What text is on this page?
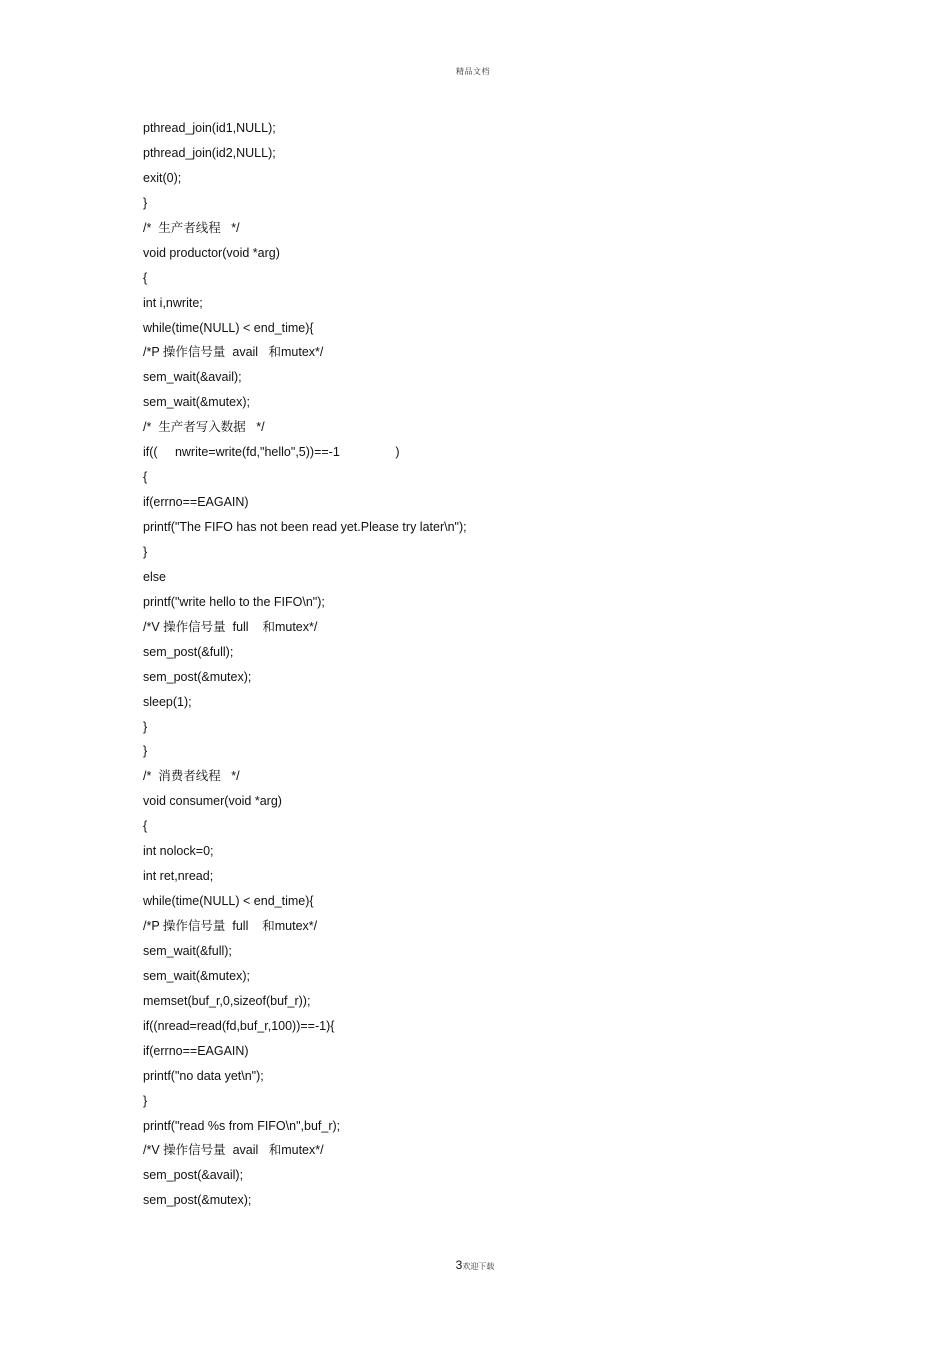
精品文档
pthread_join(id1,NULL);
pthread_join(id2,NULL);
exit(0);
}
/*  生产者线程   */
void productor(void *arg)
{
int i,nwrite;
while(time(NULL) < end_time){
/*P 操作信号量  avail   和mutex*/
sem_wait(&avail);
sem_wait(&mutex);
/*  生产者写入数据   */
if((     nwrite=write(fd,"hello",5))==-1                )
{
if(errno==EAGAIN)
printf("The FIFO has not been read yet.Please try later\n");
}
else
printf("write hello to the FIFO\n");
/*V 操作信号量  full    和mutex*/
sem_post(&full);
sem_post(&mutex);
sleep(1);
}
}
/*  消费者线程   */
void consumer(void *arg)
{
int nolock=0;
int ret,nread;
while(time(NULL) < end_time){
/*P 操作信号量  full    和mutex*/
sem_wait(&full);
sem_wait(&mutex);
memset(buf_r,0,sizeof(buf_r));
if((nread=read(fd,buf_r,100))==-1){
if(errno==EAGAIN)
printf("no data yet\n");
}
printf("read %s from FIFO\n",buf_r);
/*V 操作信号量  avail   和mutex*/
sem_post(&avail);
sem_post(&mutex);
3欢迎下载
